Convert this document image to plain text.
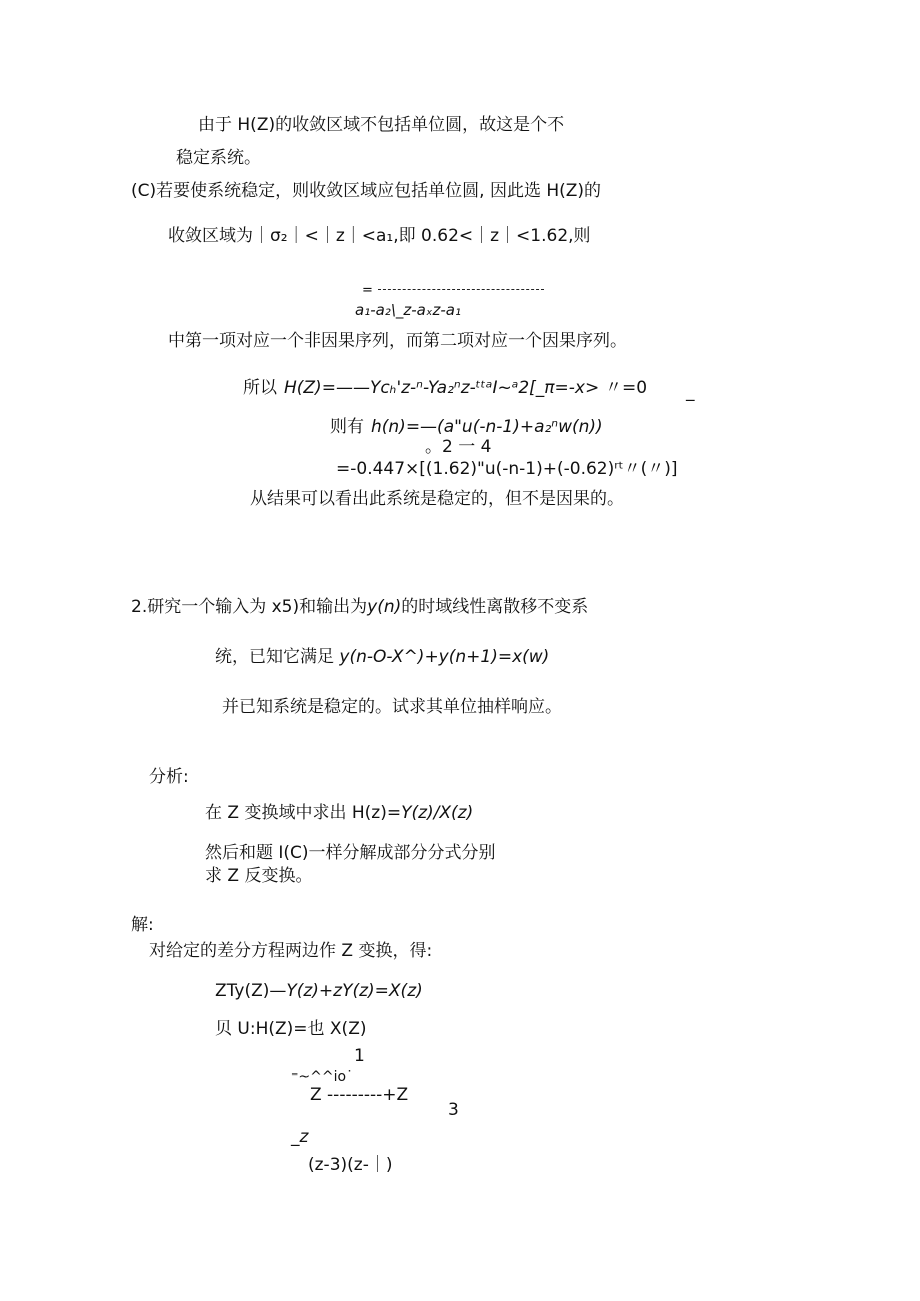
由于 H(Z)的收敛区域不包括单位圆，故这是个不
稳定系统。
(C)若要使系统稳定，则收敛区域应包括单位圆, 因此选 H(Z)的
收敛区域为｜σ₂｜<｜z｜<a₁,即 0.62<｜z｜<1.62,则
=
a₁-a₂\_z-aₓz-a₁
中第一项对应一个非因果序列，而第二项对应一个因果序列。
所以 H(Z)=——Ycₕ'z-ⁿ-Ya₂ⁿz-ᵗᵗᵃI~ᵃ2[_π=-x> 〃=0 _
则有 h(n)=—(a"u(-n-1)+a₂ⁿw(n))
。2 一 4
=-0.447×[(1.62)"u(-n-1)+(-0.62)ʳᵗ〃(〃)]
从结果可以看出此系统是稳定的，但不是因果的。
2.研究一个输入为 x5)和输出为y(n)的时域线性离散移不变系
统，已知它满足 y(n-O-X^)+y(n+1)=x(w)
并已知系统是稳定的。试求其单位抽样响应。
分析:
在 Z 变换域中求出 H(z)=Y(z)/X(z)
然后和题 I(C)一样分解成部分分式分别
求 Z 反变换。
解:
对给定的差分方程两边作 Z 变换，得:
ZTy(Z)—Y(z)+zY(z)=X(z)
贝 U:H(Z)=也 X(Z)
1
⁼~^^io˙
Z ---------+Z
3
_z
(z-3)(z-｜)
